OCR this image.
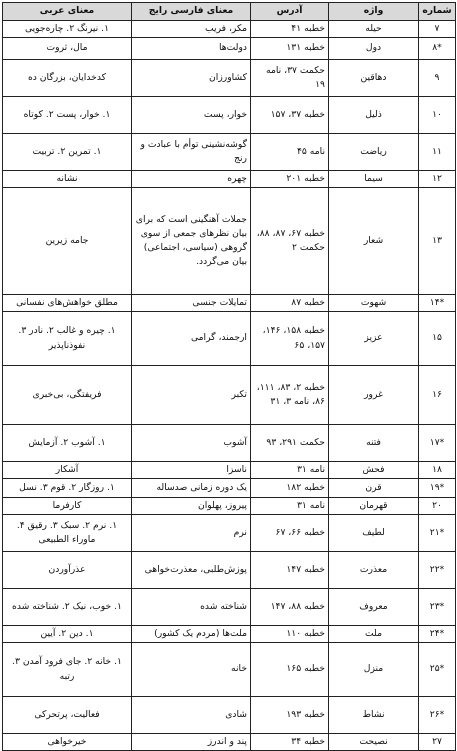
شماره	واژه	آدرس	معنای فارسی رایج	معنای عربی
۷	حیله	خطبه ۴۱	مکر، فریب	۱. نیرنگ ۲. چاره‌جویی
*۸	دول	خطبه ۱۳۱	دولت‌ها	مال، ثروت
۹	دهاقین	حکمت ۳۷، نامه ۱۹	کشاورزان	کدخدایان، بزرگان ده
۱۰	ذلیل	خطبه ۳۷، ۱۵۷	خوار، پست	۱. خوار، پست ۲. کوتاه
۱۱	ریاضت	نامه ۴۵	گوشه‌نشینی توأم با عبادت و رنج	۱. تمرین ۲. تربیت
۱۲	سیما	خطبه ۲۰۱	چهره	نشانه
۱۳	شعار	خطبه ۶۷، ۸۷، ۸۸، حکمت ۲	جملات آهنگینی است که برای بیان نظرهای جمعی از سوی گروهی (سیاسی، اجتماعی) بیان می‌گردد.	جامه زیرین
*۱۴	شهوت	خطبه ۸۷	تمایلات جنسی	مطلق خواهش‌های نفسانی
۱۵	عزیز	خطبه ۱۵۸، ۱۴۶، ۱۵۷، ۶۵	ارجمند، گرامی	۱. چیره و غالب ۲. نادر ۳. نفوذناپذیر
۱۶	غرور	خطبه ۲، ۸۳، ۱۱۱، ۸۶، نامه ۳، ۳۱	تکبر	فریفتگی، بی‌خبری
*۱۷	فتنه	حکمت ۲۹۱، ۹۳	آشوب	۱. آشوب ۲. آزمایش
۱۸	فحش	نامه ۳۱	ناسزا	آشکار
*۱۹	قرن	خطبه ۱۸۲	یک دوره زمانی صدساله	۱. روزگار ۲. قوم ۳. نسل
۲۰	قهرمان	نامه ۳۱	پیروز، پهلوان	کارفرما
*۲۱	لطیف	خطبه ۶۶، ۶۷	نرم	۱. نرم ۲. سبک ۳. رقیق ۴. ماوراء الطبیعی
*۲۲	معذرت	خطبه ۱۴۷	پوزش‌طلبی، معذرت‌خواهی	عذرآوردن
*۲۳	معروف	خطبه ۸۸، ۱۴۷	شناخته شده	۱. خوب، نیک ۲. شناخته شده
*۲۴	ملت	خطبه ۱۱۰	ملت‌ها (مردم یک کشور)	۱. دین ۲. آیین
*۲۵	منزل	خطبه ۱۶۵	خانه	۱. خانه ۲. جای فرود آمدن ۳. رتبه
*۲۶	نشاط	خطبه ۱۹۳	شادی	فعالیت، پرتحرکی
۲۷	نصیحت	خطبه ۳۴	پند و اندرز	خیرخواهی
